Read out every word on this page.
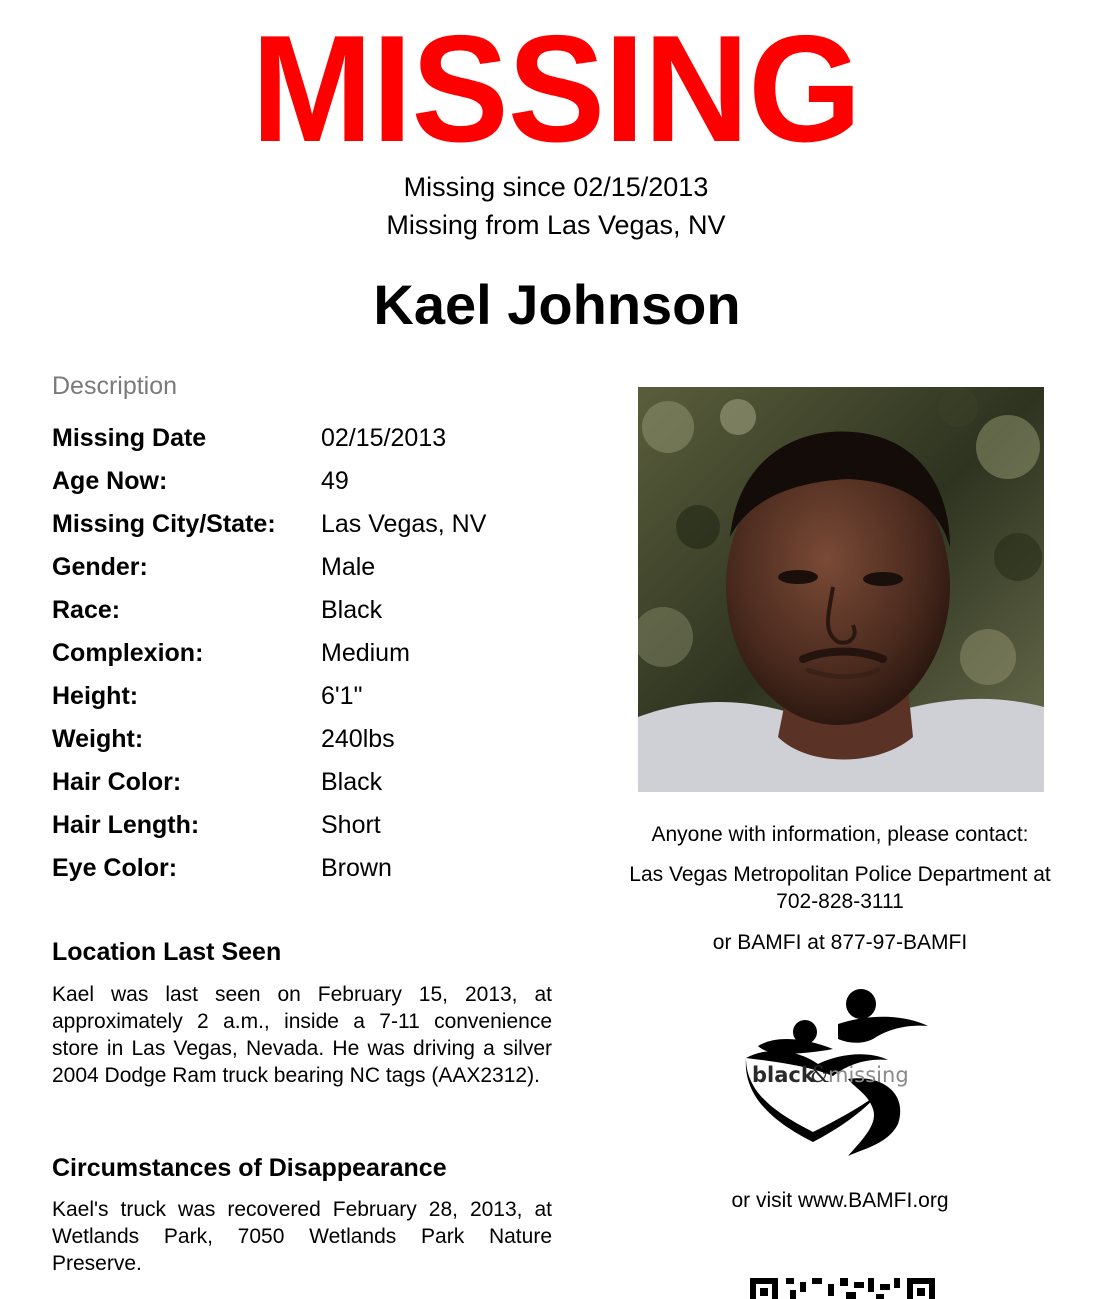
MISSING
Missing since 02/15/2013
Missing from Las Vegas, NV
Kael Johnson
Description
Missing Date	02/15/2013
Age Now:	49
Missing City/State:	Las Vegas, NV
Gender:	Male
Race:	Black
Complexion:	Medium
Height:	6'1"
Weight:	240lbs
Hair Color:	Black
Hair Length:	Short
Eye Color:	Brown
Location Last Seen
Kael was last seen on February 15, 2013, at approximately 2 a.m., inside a 7-11 convenience store in Las Vegas, Nevada. He was driving a silver 2004 Dodge Ram truck bearing NC tags (AAX2312).
Circumstances of Disappearance
Kael's truck was recovered February 28, 2013, at Wetlands Park, 7050 Wetlands Park Nature Preserve.
Anyone with information, please contact:
Las Vegas Metropolitan Police Department at
702-828-3111
or BAMFI at 877-97-BAMFI
black
&
missing
or visit www.BAMFI.org
